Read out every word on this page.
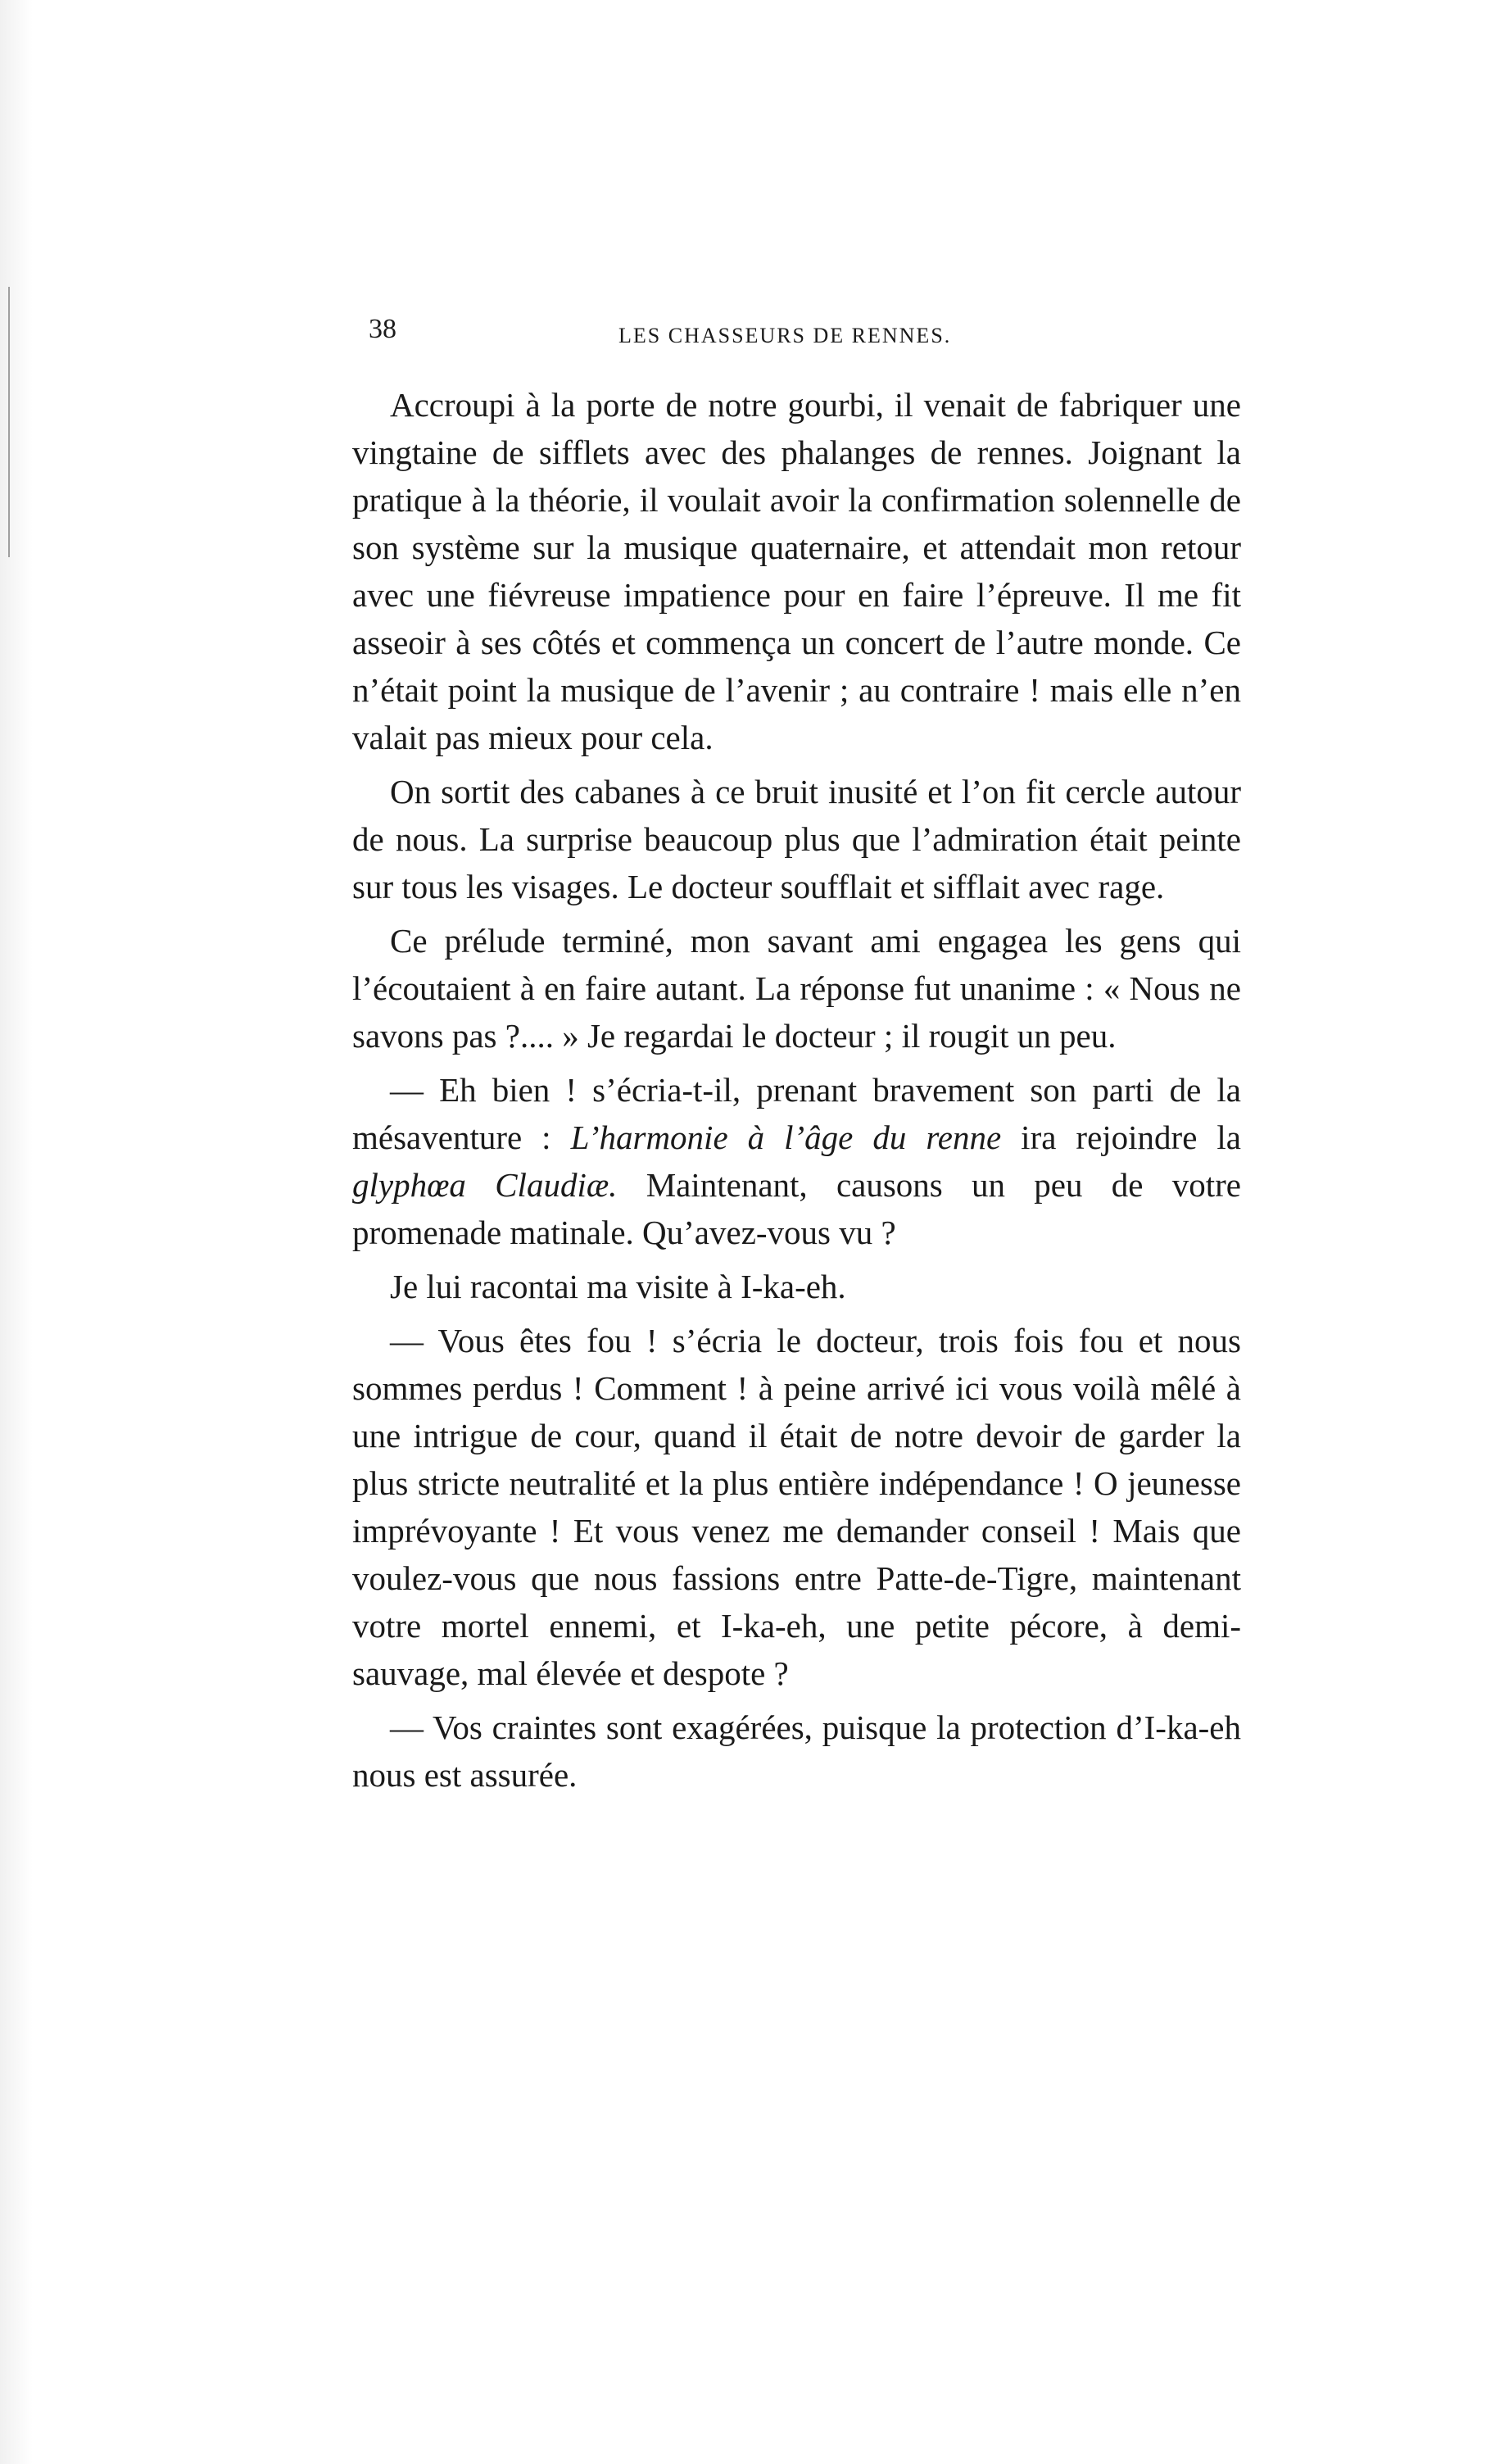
38	LES CHASSEURS DE RENNES.

Accroupi à la porte de notre gourbi, il venait de fabriquer une vingtaine de sifflets avec des phalanges de rennes. Joignant la pratique à la théorie, il voulait avoir la confirmation solennelle de son système sur la musique quaternaire, et attendait mon retour avec une fiévreuse impatience pour en faire l’épreuve. Il me fit asseoir à ses côtés et commença un concert de l’autre monde. Ce n’était point la musique de l’avenir ; au contraire ! mais elle n’en valait pas mieux pour cela.

On sortit des cabanes à ce bruit inusité et l’on fit cercle autour de nous. La surprise beaucoup plus que l’admiration était peinte sur tous les visages. Le docteur soufflait et sifflait avec rage.

Ce prélude terminé, mon savant ami engagea les gens qui l’écoutaient à en faire autant. La réponse fut unanime : « Nous ne savons pas ?.... » Je regardai le docteur ; il rougit un peu.

— Eh bien ! s’écria-t-il, prenant bravement son parti de la mésaventure : L’harmonie à l’âge du renne ira rejoindre la glyphœa Claudiæ. Maintenant, causons un peu de votre promenade matinale. Qu’avez-vous vu ?

Je lui racontai ma visite à I-ka-eh.

— Vous êtes fou ! s’écria le docteur, trois fois fou et nous sommes perdus ! Comment ! à peine arrivé ici vous voilà mêlé à une intrigue de cour, quand il était de notre devoir de garder la plus stricte neutralité et la plus entière indépendance ! O jeunesse imprévoyante ! Et vous venez me demander conseil ! Mais que voulez-vous que nous fassions entre Patte-de-Tigre, maintenant votre mortel ennemi, et I-ka-eh, une petite pécore, à demi-sauvage, mal élevée et despote ?

— Vos craintes sont exagérées, puisque la protection d’I-ka-eh nous est assurée.
